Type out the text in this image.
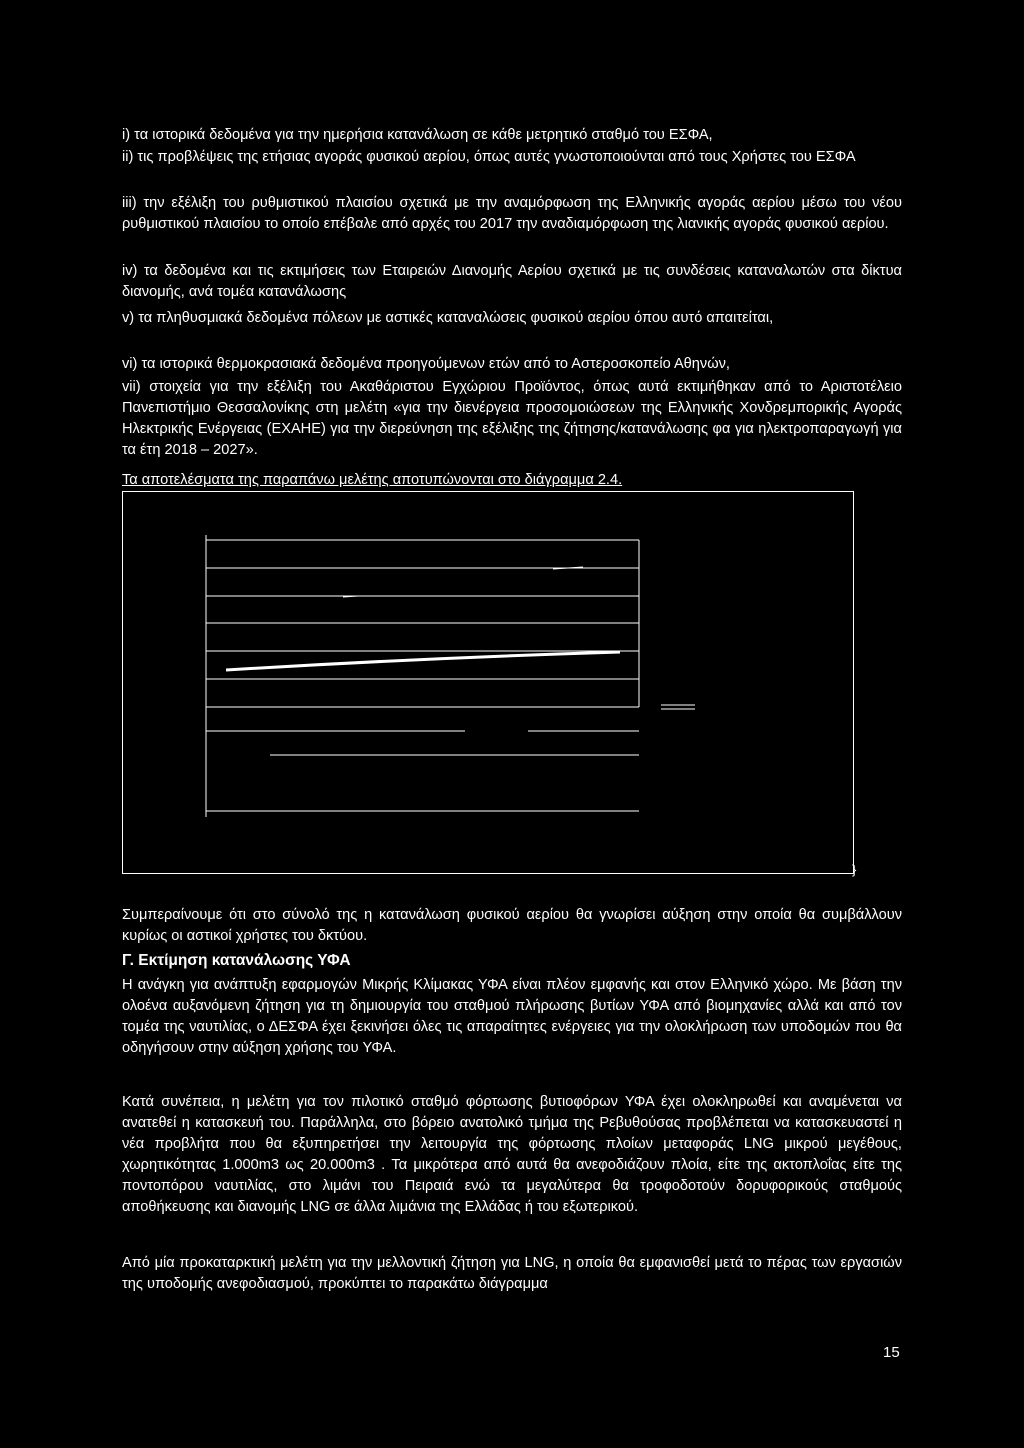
i) τα ιστορικά δεδομένα για την ημερήσια κατανάλωση σε κάθε μετρητικό σταθμό του ΕΣΦΑ,

ii) τις προβλέψεις της ετήσιας αγοράς φυσικού αερίου, όπως αυτές γνωστοποιούνται από τους Χρήστες του ΕΣΦΑ

iii) την εξέλιξη του ρυθμιστικού πλαισίου σχετικά με την αναμόρφωση της Ελληνικής αγοράς αερίου μέσω του νέου ρυθμιστικού πλαισίου το οποίο επέβαλε από αρχές του 2017 την αναδιαμόρφωση της λιανικής αγοράς φυσικού αερίου.

iv) τα δεδομένα και τις εκτιμήσεις των Εταιρειών Διανομής Αερίου σχετικά με τις συνδέσεις καταναλωτών στα δίκτυα διανομής, ανά τομέα κατανάλωσης

v) τα πληθυσμιακά δεδομένα πόλεων με αστικές καταναλώσεις φυσικού αερίου όπου αυτό απαιτείται,

vi) τα ιστορικά θερμοκρασιακά δεδομένα προηγούμενων ετών από το Αστεροσκοπείο Αθηνών,

vii) στοιχεία για την εξέλιξη του Ακαθάριστου Εγχώριου Προϊόντος, όπως αυτά εκτιμήθηκαν από το Αριστοτέλειο Πανεπιστήμιο Θεσσαλονίκης στη μελέτη «για την διενέργεια προσομοιώσεων της Ελληνικής Χονδρεμπορικής Αγοράς Ηλεκτρικής Ενέργειας (ΕΧΑΗΕ) για την διερεύνηση της εξέλιξης της ζήτησης/κατανάλωσης φα για ηλεκτροπαραγωγή για τα έτη 2018 – 2027».

Τα αποτελέσματα της παραπάνω μελέτης αποτυπώνονται στο διάγραμμα 2.4.

}

Συμπεραίνουμε ότι στο σύνολό της η κατανάλωση φυσικού αερίου θα γνωρίσει αύξηση στην οποία θα συμβάλλουν κυρίως οι αστικοί χρήστες του δκτύου.

Γ. Εκτίμηση κατανάλωσης ΥΦΑ

Η ανάγκη για ανάπτυξη εφαρμογών Μικρής Κλίμακας ΥΦΑ είναι πλέον εμφανής και στον Ελληνικό χώρο. Με βάση την ολοένα αυξανόμενη ζήτηση για τη δημιουργία του σταθμού πλήρωσης βυτίων ΥΦΑ από βιομηχανίες αλλά και από τον τομέα της ναυτιλίας, ο ΔΕΣΦΑ έχει ξεκινήσει όλες τις απαραίτητες ενέργειες για την ολοκλήρωση των υποδομών που θα οδηγήσουν στην αύξηση χρήσης του ΥΦΑ.

Κατά συνέπεια, η μελέτη για τον πιλοτικό σταθμό φόρτωσης βυτιοφόρων ΥΦΑ έχει ολοκληρωθεί και αναμένεται να ανατεθεί η κατασκευή του. Παράλληλα, στο βόρειο ανατολικό τμήμα της Ρεβυθούσας προβλέπεται να κατασκευαστεί η νέα προβλήτα που θα εξυπηρετήσει την λειτουργία της φόρτωσης πλοίων μεταφοράς LNG μικρού μεγέθους, χωρητικότητας 1.000m3 ως 20.000m3 . Τα μικρότερα από αυτά θα ανεφοδιάζουν πλοία, είτε της ακτοπλοΐας είτε της ποντοπόρου ναυτιλίας, στο λιμάνι του Πειραιά ενώ τα μεγαλύτερα θα τροφοδοτούν δορυφορικούς σταθμούς αποθήκευσης και διανομής LNG σε άλλα λιμάνια της Ελλάδας ή του εξωτερικού.

Από μία προκαταρκτική μελέτη για την μελλοντική ζήτηση για LNG, η οποία θα εμφανισθεί μετά το πέρας των εργασιών της υποδομής ανεφοδιασμού, προκύπτει το παρακάτω διάγραμμα

15
